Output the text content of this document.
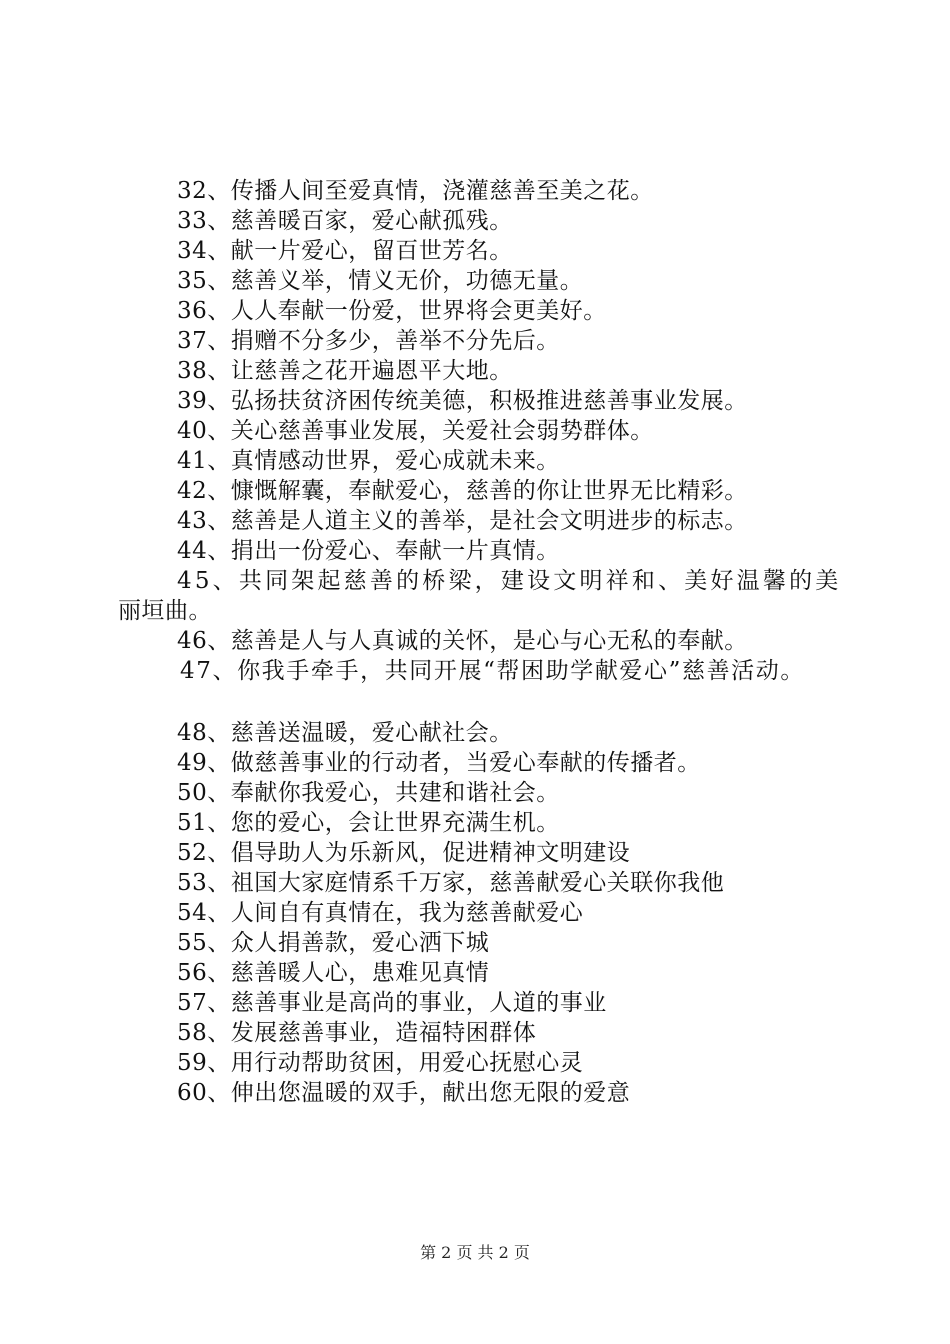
32、传播人间至爱真情，浇灌慈善至美之花。
33、慈善暖百家，爱心献孤残。
34、献一片爱心，留百世芳名。
35、慈善义举，情义无价，功德无量。
36、人人奉献一份爱，世界将会更美好。
37、捐赠不分多少，善举不分先后。
38、让慈善之花开遍恩平大地。
39、弘扬扶贫济困传统美德，积极推进慈善事业发展。
40、关心慈善事业发展，关爱社会弱势群体。
41、真情感动世界，爱心成就未来。
42、慷慨解囊，奉献爱心，慈善的你让世界无比精彩。
43、慈善是人道主义的善举，是社会文明进步的标志。
44、捐出一份爱心、奉献一片真情。
45、共同架起慈善的桥梁，建设文明祥和、美好温馨的美
丽垣曲。
46、慈善是人与人真诚的关怀，是心与心无私的奉献。
47、你我手牵手，共同开展“帮困助学献爱心”慈善活动。
48、慈善送温暖，爱心献社会。
49、做慈善事业的行动者，当爱心奉献的传播者。
50、奉献你我爱心，共建和谐社会。
51、您的爱心，会让世界充满生机。
52、倡导助人为乐新风，促进精神文明建设
53、祖国大家庭情系千万家，慈善献爱心关联你我他
54、人间自有真情在，我为慈善献爱心
55、众人捐善款，爱心洒下城
56、慈善暖人心，患难见真情
57、慈善事业是高尚的事业，人道的事业
58、发展慈善事业，造福特困群体
59、用行动帮助贫困，用爱心抚慰心灵
60、伸出您温暖的双手，献出您无限的爱意
第 2 页 共 2 页
